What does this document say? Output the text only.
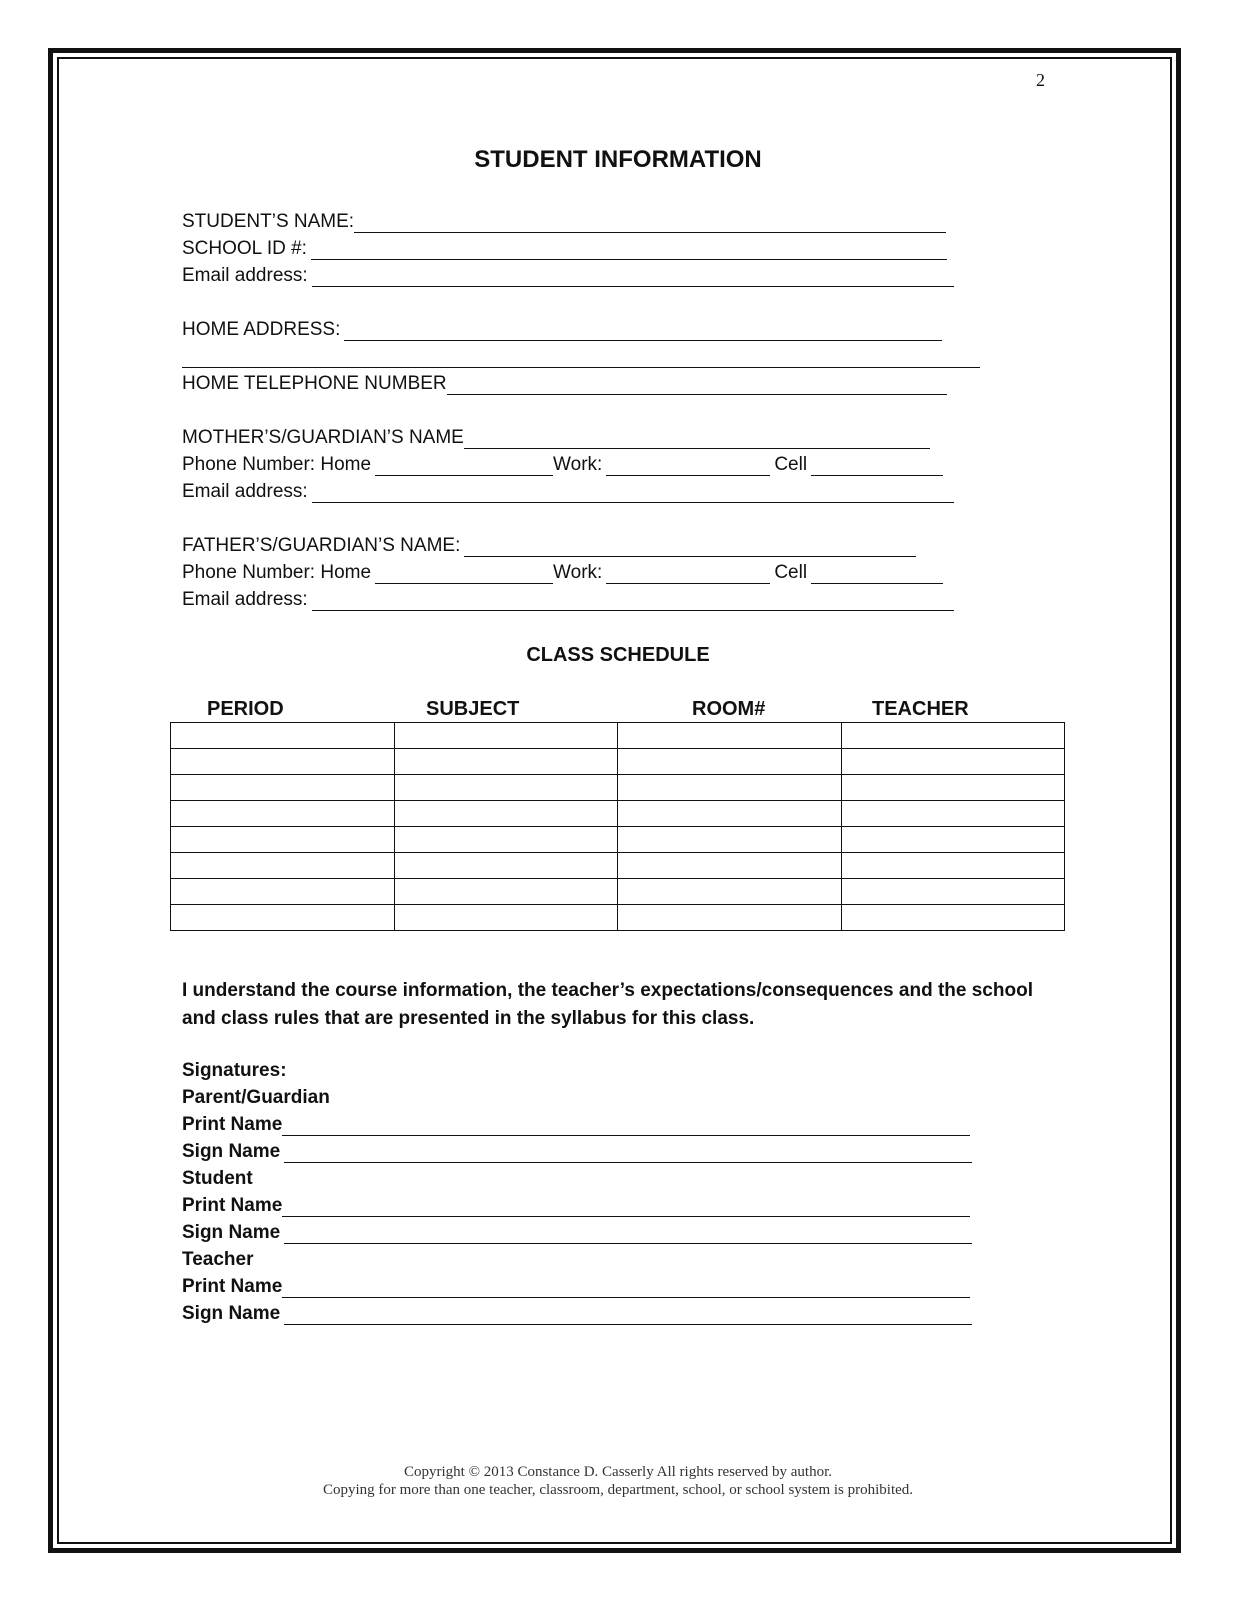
2
STUDENT INFORMATION
STUDENT’S NAME:
SCHOOL ID #:
Email address:
HOME ADDRESS:
HOME TELEPHONE NUMBER
MOTHER’S/GUARDIAN’S NAME
Phone Number: Home	Work:	Cell
Email address:
FATHER’S/GUARDIAN’S NAME:
Phone Number: Home	Work:	Cell
Email address:
CLASS SCHEDULE
PERIOD	SUBJECT	ROOM#	TEACHER

I understand the course information, the teacher’s expectations/consequences and the school and class rules that are presented in the syllabus for this class.
Signatures:
Parent/Guardian
Print Name
Sign Name
Student
Print Name
Sign Name
Teacher
Print Name
Sign Name
Copyright © 2013 Constance D. Casserly All rights reserved by author.
Copying for more than one teacher, classroom, department, school, or school system is prohibited.
